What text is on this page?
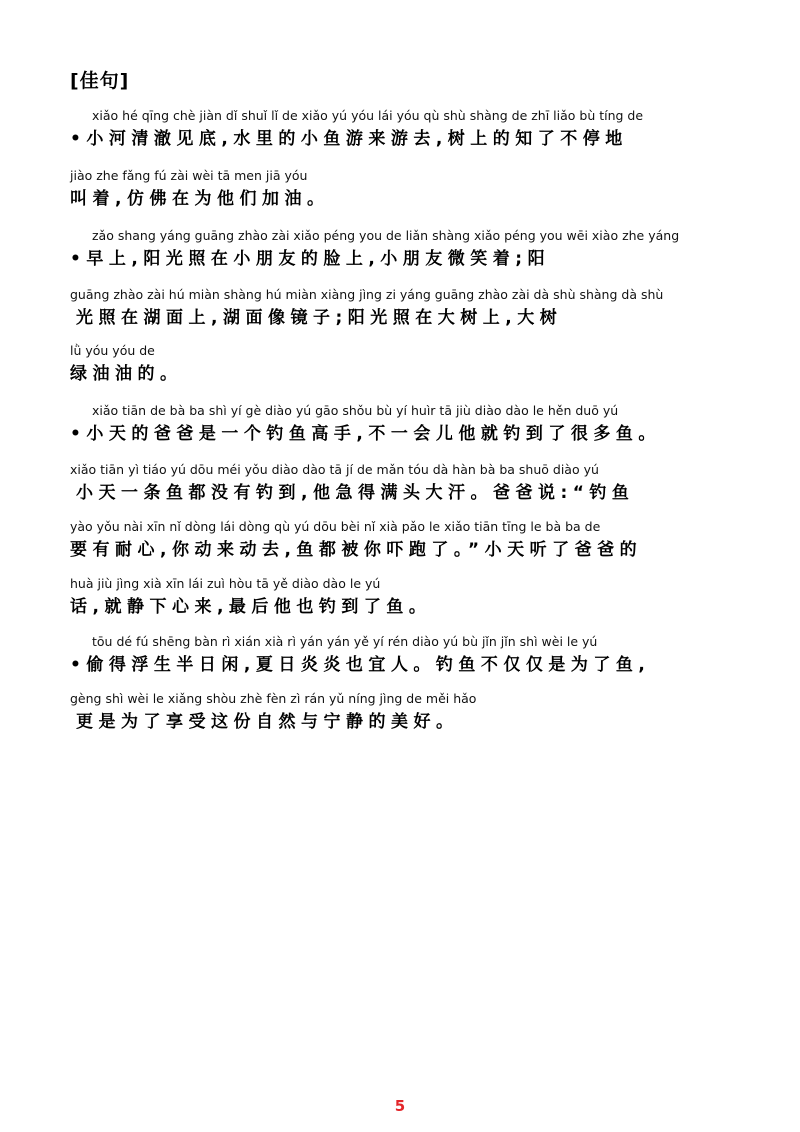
[佳句]
xiǎo hé qīng chè jiàn dǐ shuǐ lǐ de xiǎo yú yóu lái yóu qù shù shàng de zhī liǎo bù tíng de
•小河清澈见底,水里的小鱼游来游去,树上的知了不停地
jiào zhe fǎng fú zài wèi tā men jiā yóu
叫着,仿佛在为他们加油。
zǎo shang yáng guāng zhào zài xiǎo péng you de liǎn shàng xiǎo péng you wēi xiào zhe yáng
•早上,阳光照在小朋友的脸上,小朋友微笑着;阳
guāng zhào zài hú miàn shàng hú miàn xiàng jìng zi yáng guāng zhào zài dà shù shàng dà shù
光照在湖面上,湖面像镜子;阳光照在大树上,大树
lǜ yóu yóu de
绿油油的。
xiǎo tiān de bà ba shì yí gè diào yú gāo shǒu bù yí huìr tā jiù diào dào le hěn duō yú
•小天的爸爸是一个钓鱼高手,不一会儿他就钓到了很多鱼。
xiǎo tiān yì tiáo yú dōu méi yǒu diào dào tā jí de mǎn tóu dà hàn bà ba shuō diào yú
小天一条鱼都没有钓到,他急得满头大汗。爸爸说:“钓鱼
yào yǒu nài xīn nǐ dòng lái dòng qù yú dōu bèi nǐ xià pǎo le xiǎo tiān tīng le bà ba de
要有耐心,你动来动去,鱼都被你吓跑了。”小天听了爸爸的
huà jiù jìng xià xīn lái zuì hòu tā yě diào dào le yú
话,就静下心来,最后他也钓到了鱼。
tōu dé fú shēng bàn rì xián xià rì yán yán yě yí rén diào yú bù jǐn jǐn shì wèi le yú
•偷得浮生半日闲,夏日炎炎也宜人。钓鱼不仅仅是为了鱼,
gèng shì wèi le xiǎng shòu zhè fèn zì rán yǔ níng jìng de měi hǎo
更是为了享受这份自然与宁静的美好。
5
